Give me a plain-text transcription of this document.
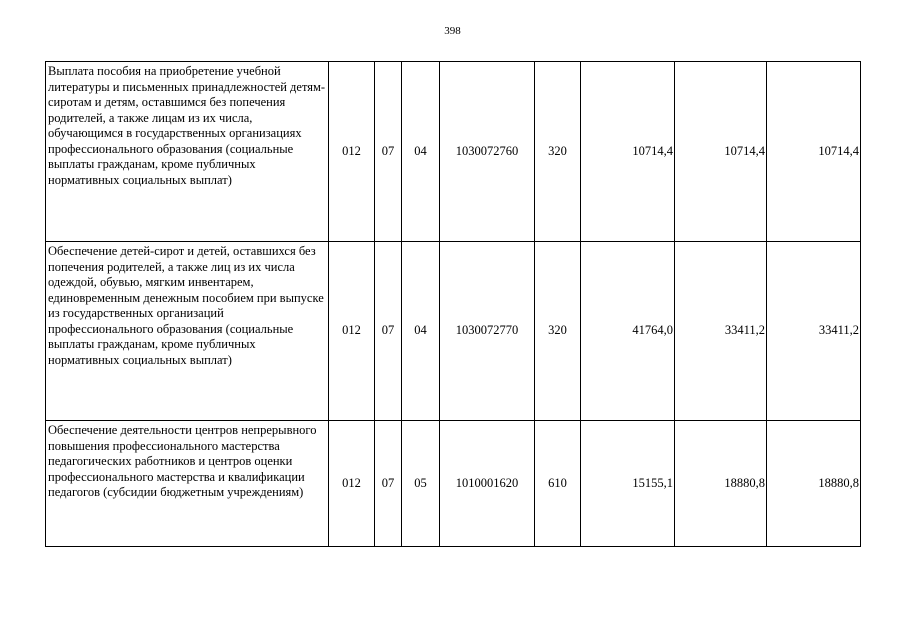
398
Выплата пособия на приобретение учебной литературы и письменных принадлежностей детям-сиротам и детям, оставшимся без попечения родителей, а также лицам из их числа, обучающимся в государственных организациях профессионального образования (социальные выплаты гражданам, кроме публичных нормативных социальных выплат)	012	07	04	1030072760	320	10714,4	10714,4	10714,4
Обеспечение детей-сирот и детей, оставшихся без попечения родителей, а также лиц из их числа одеждой, обувью, мягким инвентарем, единовременным денежным пособием при выпуске из государственных организаций профессионального образования (социальные выплаты гражданам, кроме публичных нормативных социальных выплат)	012	07	04	1030072770	320	41764,0	33411,2	33411,2
Обеспечение деятельности центров непрерывного повышения профессионального мастерства педагогических работников и центров оценки профессионального мастерства и квалификации педагогов (субсидии бюджетным учреждениям)	012	07	05	1010001620	610	15155,1	18880,8	18880,8
